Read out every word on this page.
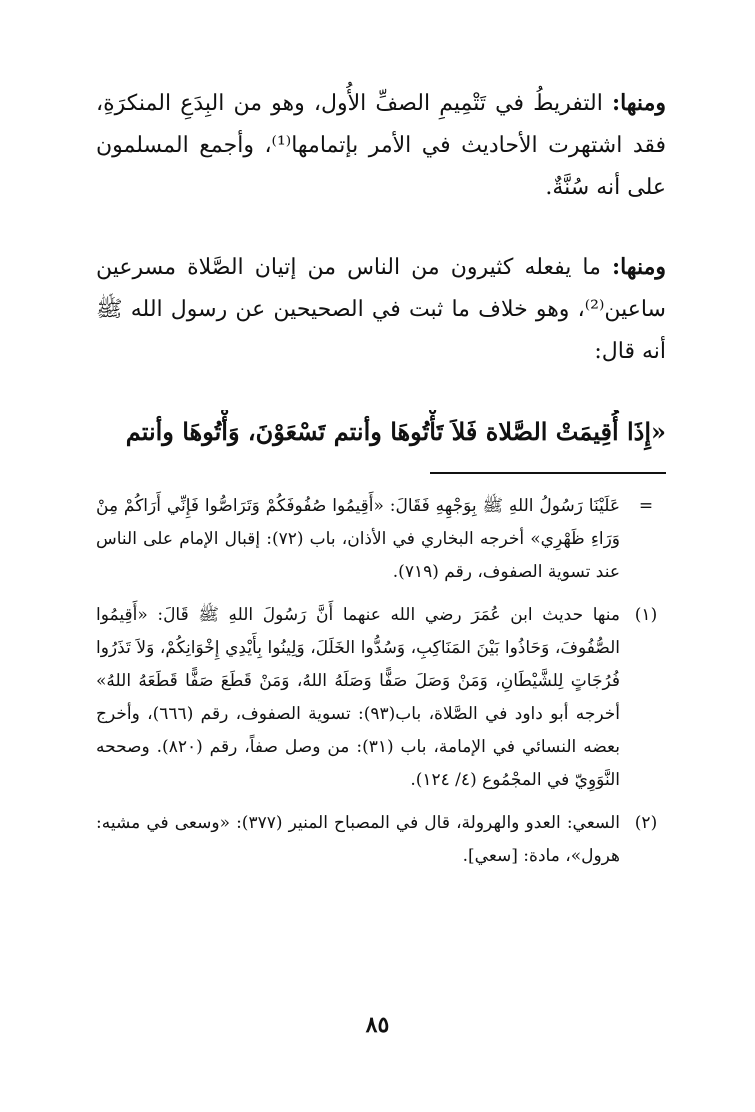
ومنها: التفريطُ في تَتْمِيمِ الصفِّ الأُول، وهو من البِدَعِ المنكرَةِ، فقد اشتهرت الأحاديث في الأمر بإتمامها⁽¹⁾، وأجمع المسلمون على أنه سُنَّةٌ.

ومنها: ما يفعله كثيرون من الناس من إتيان الصَّلاة مسرعين ساعين⁽²⁾، وهو خلاف ما ثبت في الصحيحين عن رسول الله ﷺ أنه قال:

«إِذَا أُقِيمَتْ الصَّلاة فَلاَ تَأْتُوهَا وأنتم تَسْعَوْنَ، وَأْتُوهَا وأنتم
=
عَلَيْنَا رَسُولُ اللهِ ﷺ بِوَجْهِهِ فَقَالَ: «أَقِيمُوا صُفُوفَكُمْ وَتَرَاصُّوا فَإِنِّي أَرَاكُمْ مِنْ وَرَاءِ ظَهْرِي» أخرجه البخاري في الأذان، باب (٧٢): إقبال الإمام على الناس عند تسوية الصفوف، رقم (٧١٩).
(١)
منها حديث ابن عُمَرَ رضي الله عنهما أَنَّ رَسُولَ اللهِ ﷺ قَالَ: «أَقِيمُوا الصُّفُوفَ، وَحَاذُوا بَيْنَ المَنَاكِبِ، وَسُدُّوا الخَلَلَ، وَلِينُوا بِأَيْدِي إِخْوَانِكُمْ، وَلاَ تَذَرُوا فُرُجَاتٍ لِلشَّيْطَانِ، وَمَنْ وَصَلَ صَفًّا وَصَلَهُ اللهُ، وَمَنْ قَطَعَ صَفًّا قَطَعَهُ اللهُ» أخرجه أبو داود في الصَّلاة، باب(٩٣): تسوية الصفوف، رقم (٦٦٦)، وأخرج بعضه النسائي في الإمامة، باب (٣١): من وصل صفاً، رقم (٨٢٠). وصححه النَّوَوِيّ في المجْمُوع (٤/ ١٢٤).
(٢)
السعي: العدو والهرولة، قال في المصباح المنير (٣٧٧): «وسعى في مشيه: هرول»، مادة: [سعي].
٨٥
